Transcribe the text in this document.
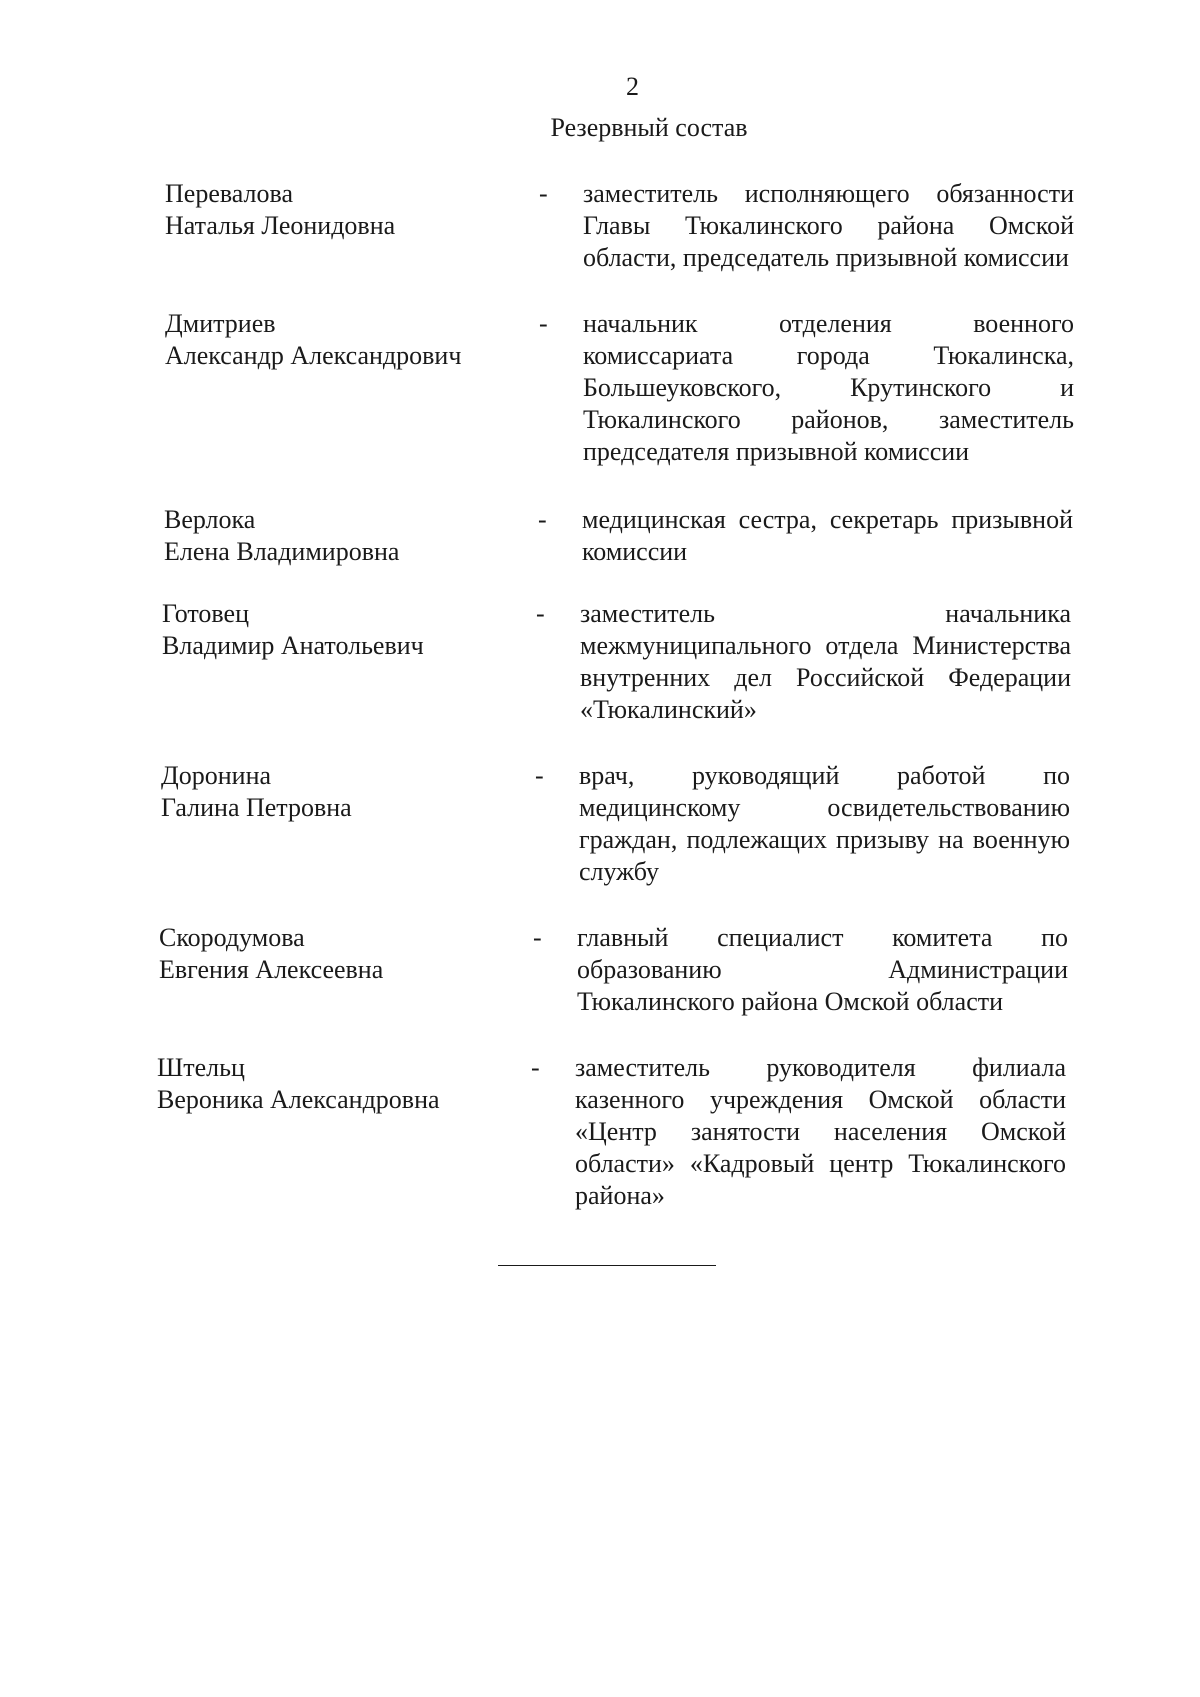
2
Резервный состав
Перевалова
Наталья Леонидовна
-	заместитель исполняющего обязанности Главы Тюкалинского района Омской области, председатель призывной комиссии
Дмитриев
Александр Александрович
-	начальник отделения военного комиссариата города Тюкалинска, Большеуковского, Крутинского и Тюкалинского районов, заместитель председателя призывной комиссии
Верлока
Елена Владимировна
-	медицинская сестра, секретарь призывной комиссии
Готовец
Владимир Анатольевич
-	заместитель начальника межмуниципального отдела Министерства внутренних дел Российской Федерации «Тюкалинский»
Доронина
Галина Петровна
-	врач, руководящий работой по медицинскому освидетельствованию граждан, подлежащих призыву на военную службу
Скородумова
Евгения Алексеевна
-	главный специалист комитета по образованию Администрации Тюкалинского района Омской области
Штельц
Вероника Александровна
-	заместитель руководителя филиала казенного учреждения Омской области «Центр занятости населения Омской области» «Кадровый центр Тюкалинского района»
